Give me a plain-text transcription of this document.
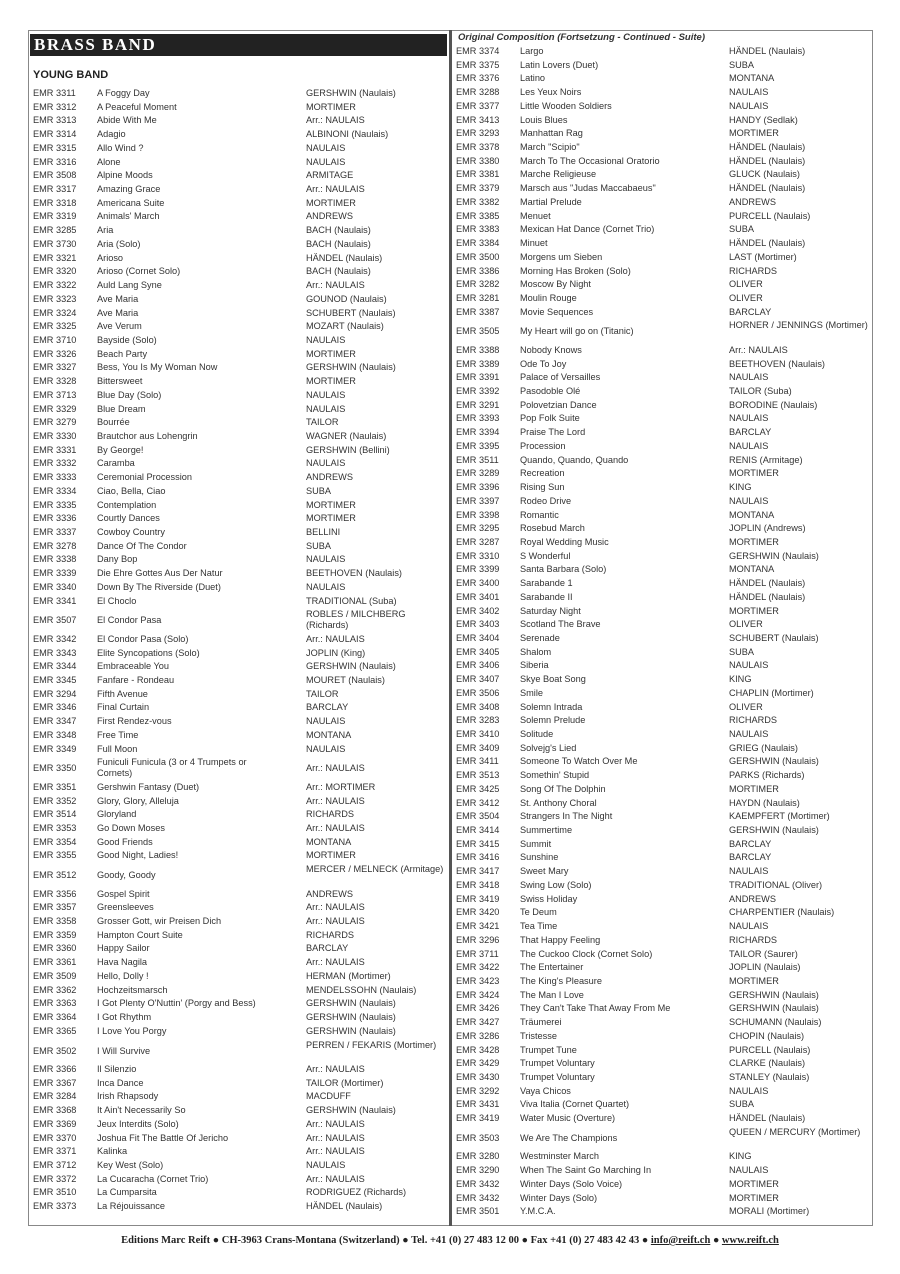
BRASS BAND
YOUNG BAND
Original Composition (Fortsetzung - Continued - Suite)
EMR 3311 A Foggy Day	GERSHWIN (Naulais)
EMR 3312 A Peaceful Moment	MORTIMER
EMR 3313 Abide With Me	Arr.: NAULAIS
EMR 3314 Adagio	ALBINONI (Naulais)
EMR 3315 Allo Wind ?	NAULAIS
EMR 3316 Alone	NAULAIS
EMR 3508 Alpine Moods	ARMITAGE
EMR 3317 Amazing Grace	Arr.: NAULAIS
EMR 3318 Americana Suite	MORTIMER
EMR 3319 Animals' March	ANDREWS
EMR 3285 Aria	BACH (Naulais)
EMR 3730 Aria (Solo)	BACH (Naulais)
EMR 3321 Arioso	HÄNDEL (Naulais)
EMR 3320 Arioso (Cornet Solo)	BACH (Naulais)
EMR 3322 Auld Lang Syne	Arr.: NAULAIS
EMR 3323 Ave Maria	GOUNOD (Naulais)
EMR 3324 Ave Maria	SCHUBERT (Naulais)
EMR 3325 Ave Verum	MOZART (Naulais)
EMR 3710 Bayside (Solo)	NAULAIS
EMR 3326 Beach Party	MORTIMER
EMR 3327 Bess, You Is My Woman Now	GERSHWIN (Naulais)
EMR 3328 Bittersweet	MORTIMER
EMR 3713 Blue Day (Solo)	NAULAIS
EMR 3329 Blue Dream	NAULAIS
EMR 3279 Bourrée	TAILOR
EMR 3330 Brautchor aus Lohengrin	WAGNER (Naulais)
EMR 3331 By George!	GERSHWIN (Bellini)
EMR 3332 Caramba	NAULAIS
EMR 3333 Ceremonial Procession	ANDREWS
EMR 3334 Ciao, Bella, Ciao	SUBA
EMR 3335 Contemplation	MORTIMER
EMR 3336 Courtly Dances	MORTIMER
EMR 3337 Cowboy Country	BELLINI
EMR 3278 Dance Of The Condor	SUBA
EMR 3338 Dany Bop	NAULAIS
EMR 3339 Die Ehre Gottes Aus Der Natur	BEETHOVEN (Naulais)
EMR 3340 Down By The Riverside (Duet)	NAULAIS
EMR 3341 El Choclo	TRADITIONAL (Suba)
EMR 3507 El Condor Pasa
ROBLES / MILCHBERG (Richards)
EMR 3342 El Condor Pasa (Solo)	Arr.: NAULAIS
EMR 3343 Elite Syncopations (Solo)	JOPLIN (King)
EMR 3344 Embraceable You	GERSHWIN (Naulais)
EMR 3345 Fanfare - Rondeau	MOURET (Naulais)
EMR 3294 Fifth Avenue	TAILOR
EMR 3346 Final Curtain	BARCLAY
EMR 3347 First Rendez-vous	NAULAIS
EMR 3348 Free Time	MONTANA
EMR 3349 Full Moon	NAULAIS
EMR 3350
Funiculi Funicula (3 or 4 Trumpets or Cornets)	Arr.: NAULAIS
EMR 3351 Gershwin Fantasy (Duet)	Arr.: MORTIMER
EMR 3352 Glory, Glory, Alleluja	Arr.: NAULAIS
EMR 3514 Gloryland	RICHARDS
EMR 3353 Go Down Moses	Arr.: NAULAIS
EMR 3354 Good Friends	MONTANA
EMR 3355 Good Night, Ladies!	MORTIMER
EMR 3512 Goody, Goody
MERCER / MELNECK (Armitage)
EMR 3356 Gospel Spirit	ANDREWS
EMR 3357 Greensleeves	Arr.: NAULAIS
EMR 3358 Grosser Gott, wir Preisen Dich	Arr.: NAULAIS
EMR 3359 Hampton Court Suite	RICHARDS
EMR 3360 Happy Sailor	BARCLAY
EMR 3361 Hava Nagila	Arr.: NAULAIS
EMR 3509 Hello, Dolly !	HERMAN (Mortimer)
EMR 3362 Hochzeitsmarsch	MENDELSSOHN (Naulais)
EMR 3363 I Got Plenty O'Nuttin' (Porgy and Bess)	GERSHWIN (Naulais)
EMR 3364 I Got Rhythm	GERSHWIN (Naulais)
EMR 3365 I Love You Porgy	GERSHWIN (Naulais)
EMR 3502 I Will Survive
PERREN / FEKARIS (Mortimer)
EMR 3366 Il Silenzio	Arr.: NAULAIS
EMR 3367 Inca Dance	TAILOR (Mortimer)
EMR 3284 Irish Rhapsody	MACDUFF
EMR 3368 It Ain't Necessarily So	GERSHWIN (Naulais)
EMR 3369 Jeux Interdits (Solo)	Arr.: NAULAIS
EMR 3370 Joshua Fit The Battle Of Jericho	Arr.: NAULAIS
EMR 3371 Kalinka	Arr.: NAULAIS
EMR 3712 Key West (Solo)	NAULAIS
EMR 3372 La Cucaracha (Cornet Trio)	Arr.: NAULAIS
EMR 3510 La Cumparsita	RODRIGUEZ (Richards)
EMR 3373 La Réjouissance	HÄNDEL (Naulais)
EMR 3374 Largo	HÄNDEL (Naulais)
EMR 3375 Latin Lovers (Duet)	SUBA
EMR 3376 Latino	MONTANA
EMR 3288 Les Yeux Noirs	NAULAIS
EMR 3377 Little Wooden Soldiers	NAULAIS
EMR 3413 Louis Blues	HANDY (Sedlak)
EMR 3293 Manhattan Rag	MORTIMER
EMR 3378 March "Scipio"	HÄNDEL (Naulais)
EMR 3380 March To The Occasional Oratorio	HÄNDEL (Naulais)
EMR 3381 Marche Religieuse	GLUCK (Naulais)
EMR 3379 Marsch aus "Judas Maccabaeus"	HÄNDEL (Naulais)
EMR 3382 Martial Prelude	ANDREWS
EMR 3385 Menuet	PURCELL (Naulais)
EMR 3383 Mexican Hat Dance (Cornet Trio)	SUBA
EMR 3384 Minuet	HÄNDEL (Naulais)
EMR 3500 Morgens um Sieben	LAST (Mortimer)
EMR 3386 Morning Has Broken (Solo)	RICHARDS
EMR 3282 Moscow By Night	OLIVER
EMR 3281 Moulin Rouge	OLIVER
EMR 3387 Movie Sequences	BARCLAY
EMR 3505 My Heart will go on (Titanic)
HORNER / JENNINGS (Mortimer)
EMR 3388 Nobody Knows	Arr.: NAULAIS
EMR 3389 Ode To Joy	BEETHOVEN (Naulais)
EMR 3391 Palace of Versailles	NAULAIS
EMR 3392 Pasodoble Olé	TAILOR (Suba)
EMR 3291 Polovetzian Dance	BORODINE (Naulais)
EMR 3393 Pop Folk Suite	NAULAIS
EMR 3394 Praise The Lord	BARCLAY
EMR 3395 Procession	NAULAIS
EMR 3511 Quando, Quando, Quando	RENIS (Armitage)
EMR 3289 Recreation	MORTIMER
EMR 3396 Rising Sun	KING
EMR 3397 Rodeo Drive	NAULAIS
EMR 3398 Romantic	MONTANA
EMR 3295 Rosebud March	JOPLIN (Andrews)
EMR 3287 Royal Wedding Music	MORTIMER
EMR 3310 S Wonderful	GERSHWIN (Naulais)
EMR 3399 Santa Barbara (Solo)	MONTANA
EMR 3400 Sarabande 1	HÄNDEL (Naulais)
EMR 3401 Sarabande II	HÄNDEL (Naulais)
EMR 3402 Saturday Night	MORTIMER
EMR 3403 Scotland The Brave	OLIVER
EMR 3404 Serenade	SCHUBERT (Naulais)
EMR 3405 Shalom	SUBA
EMR 3406 Siberia	NAULAIS
EMR 3407 Skye Boat Song	KING
EMR 3506 Smile	CHAPLIN (Mortimer)
EMR 3408 Solemn Intrada	OLIVER
EMR 3283 Solemn Prelude	RICHARDS
EMR 3410 Solitude	NAULAIS
EMR 3409 Solvejg's Lied	GRIEG (Naulais)
EMR 3411 Someone To Watch Over Me	GERSHWIN (Naulais)
EMR 3513 Somethin' Stupid	PARKS (Richards)
EMR 3425 Song Of The Dolphin	MORTIMER
EMR 3412 St. Anthony Choral	HAYDN (Naulais)
EMR 3504 Strangers In The Night	KAEMPFERT (Mortimer)
EMR 3414 Summertime	GERSHWIN (Naulais)
EMR 3415 Summit	BARCLAY
EMR 3416 Sunshine	BARCLAY
EMR 3417 Sweet Mary	NAULAIS
EMR 3418 Swing Low (Solo)	TRADITIONAL (Oliver)
EMR 3419 Swiss Holiday	ANDREWS
EMR 3420 Te Deum	CHARPENTIER (Naulais)
EMR 3421 Tea Time	NAULAIS
EMR 3296 That Happy Feeling	RICHARDS
EMR 3711 The Cuckoo Clock (Cornet Solo)	TAILOR (Saurer)
EMR 3422 The Entertainer	JOPLIN (Naulais)
EMR 3423 The King's Pleasure	MORTIMER
EMR 3424 The Man I Love	GERSHWIN (Naulais)
EMR 3426 They Can't Take That Away From Me	GERSHWIN (Naulais)
EMR 3427 Träumerei	SCHUMANN (Naulais)
EMR 3286 Tristesse	CHOPIN (Naulais)
EMR 3428 Trumpet Tune	PURCELL (Naulais)
EMR 3429 Trumpet Voluntary	CLARKE (Naulais)
EMR 3430 Trumpet Voluntary	STANLEY (Naulais)
EMR 3292 Vaya Chicos	NAULAIS
EMR 3431 Viva Italia (Cornet Quartet)	SUBA
EMR 3419 Water Music (Overture)	HÄNDEL (Naulais)
EMR 3503 We Are The Champions
QUEEN / MERCURY (Mortimer)
EMR 3280 Westminster March	KING
EMR 3290 When The Saint Go Marching In	NAULAIS
EMR 3432 Winter Days (Solo Voice)	MORTIMER
EMR 3432 Winter Days (Solo)	MORTIMER
EMR 3501 Y.M.C.A.	MORALI (Mortimer)
Editions Marc Reift ● CH-3963 Crans-Montana (Switzerland) ● Tel. +41 (0) 27 483 12 00 ● Fax +41 (0) 27 483 42 43 ● info@reift.ch ● www.reift.ch
